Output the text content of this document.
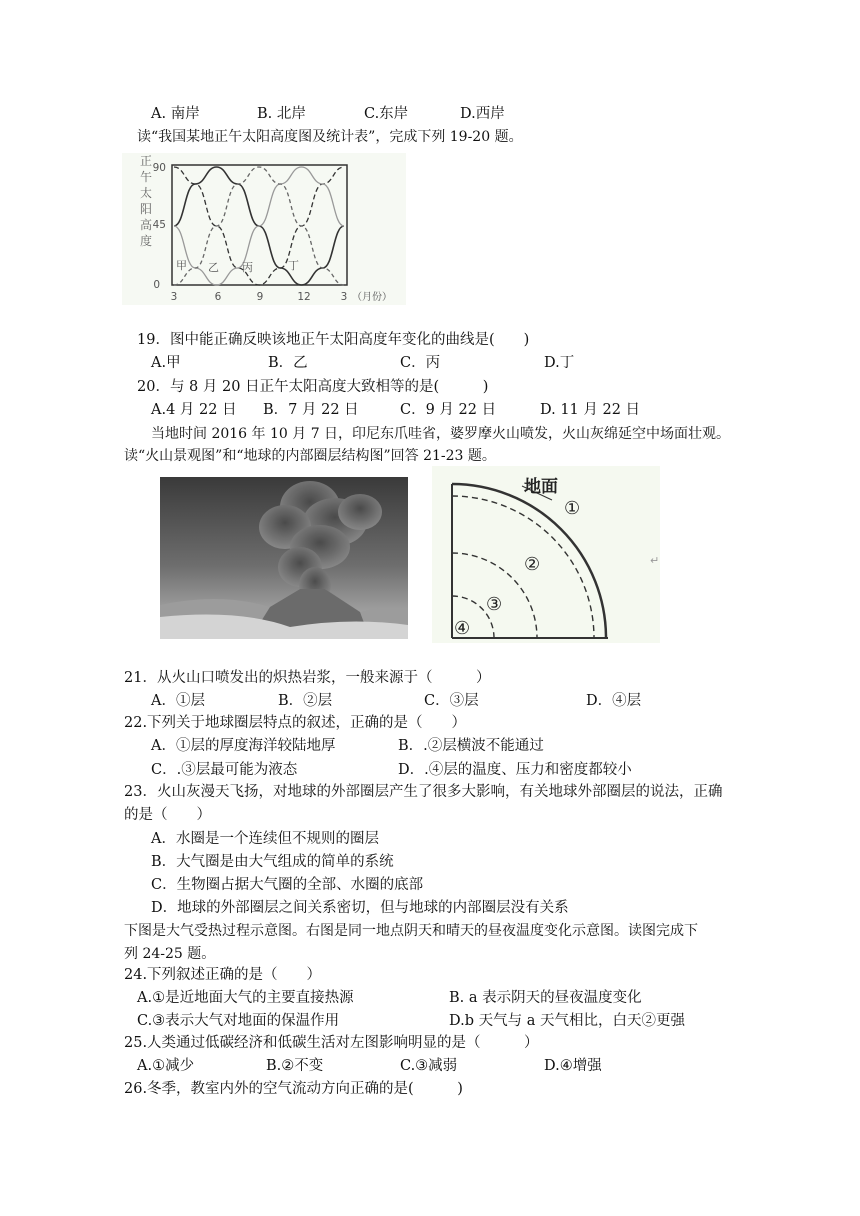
A. 南岸	B. 北岸	C.东岸	D.西岸
读“我国某地正午太阳高度图及统计表”，完成下列 19-20 题。
正
午
太
阳
高
度
90
45
0
甲 乙 丙	丁
3	6	9	12	3 （月份）
19．图中能正确反映该地正午太阳高度年变化的曲线是(　　)
A.甲	B．乙	C．丙	D.丁
20．与 8 月 20 日正午太阳高度大致相等的是(　　　)
A.4 月 22 日 B．7 月 22 日	C．9 月 22 日	D. 11 月 22 日
当地时间 2016 年 10 月 7 日，印尼东爪哇省，婆罗摩火山喷发，火山灰绵延空中场面壮观。
读“火山景观图”和“地球的内部圈层结构图”回答 21-23 题。
地面
①
②
③
④
↵
21．从火山口喷发出的炽热岩浆，一般来源于（　　　）
A．①层	B．②层	C．③层	D．④层
22.下列关于地球圈层特点的叙述，正确的是（　　）
A．①层的厚度海洋较陆地厚	B．.②层横波不能通过
C．.③层最可能为液态	D．.④层的温度、压力和密度都较小
23．火山灰漫天飞扬，对地球的外部圈层产生了很多大影响，有关地球外部圈层的说法，正确
的是（　　）
A．水圈是一个连续但不规则的圈层
B．大气圈是由大气组成的简单的系统
C．生物圈占据大气圈的全部、水圈的底部
D．地球的外部圈层之间关系密切，但与地球的内部圈层没有关系
下图是大气受热过程示意图。右图是同一地点阴天和晴天的昼夜温度变化示意图。读图完成下
列 24-25 题。
24.下列叙述正确的是（　　）
A.①是近地面大气的主要直接热源	B. a 表示阴天的昼夜温度变化
C.③表示大气对地面的保温作用	D.b 天气与 a 天气相比，白天②更强
25.人类通过低碳经济和低碳生活对左图影响明显的是（　　　）
A.①减少	B.②不变	C.③减弱	D.④增强
26.冬季，教室内外的空气流动方向正确的是(　　　)
